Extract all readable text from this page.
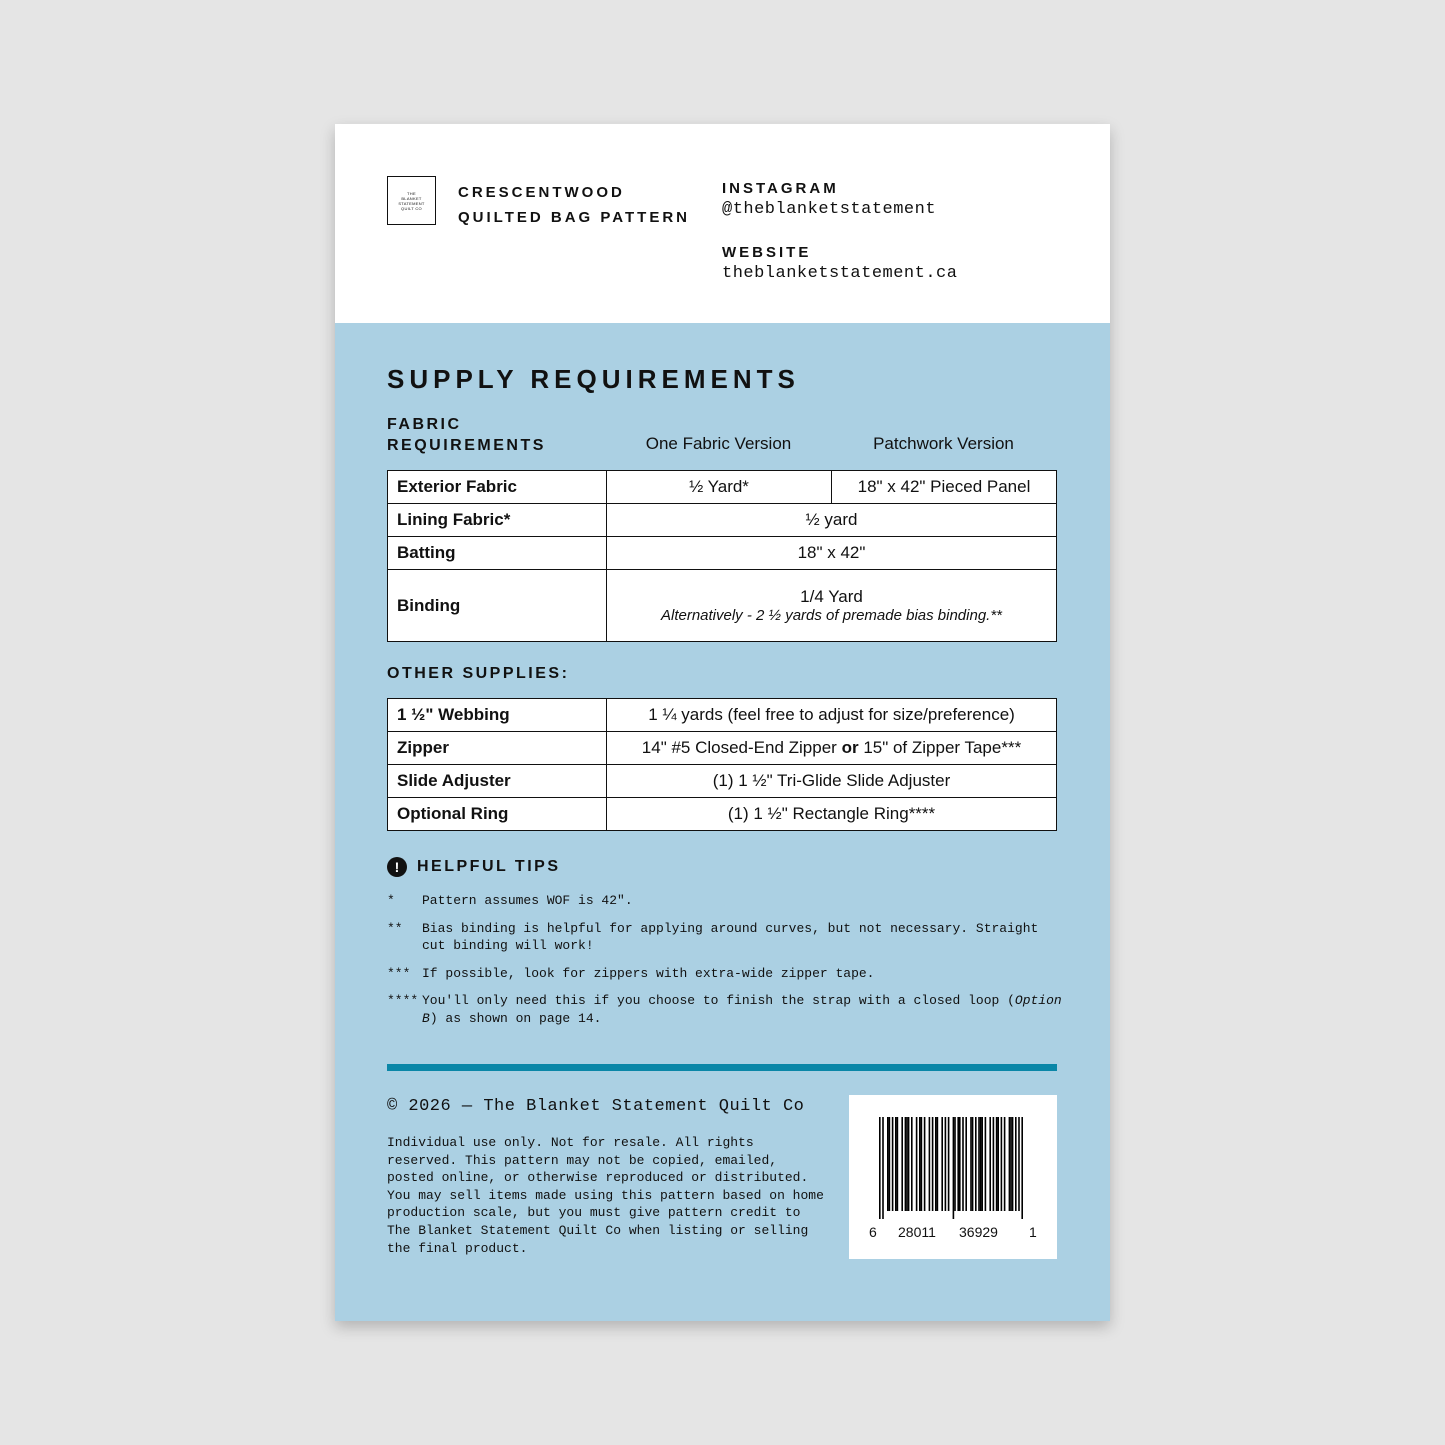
THE
BLANKET
STATEMENT
QUILT CO
CRESCENTWOOD
QUILTED BAG PATTERN
INSTAGRAM
@theblanketstatement
WEBSITE
theblanketstatement.ca
SUPPLY REQUIREMENTS
FABRIC
REQUIREMENTS	One Fabric Version	Patchwork Version
Exterior Fabric	½ Yard*	18" x 42" Pieced Panel
Lining Fabric*	½ yard	
Batting	18" x 42"	
Binding	1/4 Yard
Alternatively - 2 ½ yards of premade bias binding.**	
OTHER SUPPLIES:
1 ½" Webbing	1 ¼ yards (feel free to adjust for size/preference)
Zipper	14" #5 Closed-End Zipper or 15" of Zipper Tape***
Slide Adjuster	(1) 1 ½" Tri-Glide Slide Adjuster
Optional Ring	(1) 1 ½" Rectangle Ring****
!	HELPFUL TIPS
*	Pattern assumes WOF is 42".
**	Bias binding is helpful for applying around curves, but not necessary. Straight cut binding will work!
*** If possible, look for zippers with extra-wide zipper tape.
**** You'll only need this if you choose to finish the strap with a closed loop (Option B) as shown on page 14.
© 2026 — The Blanket Statement Quilt Co
Individual use only. Not for resale. All rights reserved. This pattern may not be copied, emailed, posted online, or otherwise reproduced or distributed. You may sell items made using this pattern based on home production scale, but you must give pattern credit to The Blanket Statement Quilt Co when listing or selling the final product.
6 28011 36929 1
